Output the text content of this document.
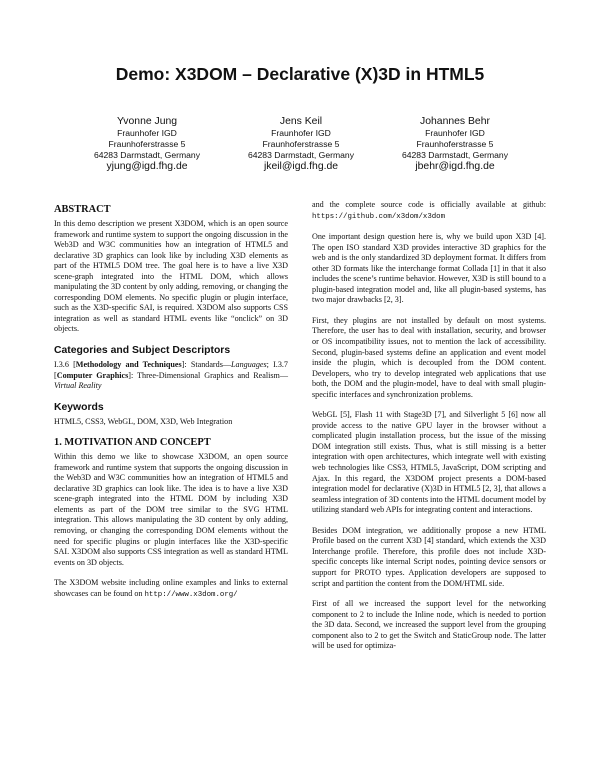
Demo: X3DOM – Declarative (X)3D in HTML5
Yvonne Jung
Fraunhofer IGD
Fraunhoferstrasse 5
64283 Darmstadt, Germany
yjung@igd.fhg.de
Jens Keil
Fraunhofer IGD
Fraunhoferstrasse 5
64283 Darmstadt, Germany
jkeil@igd.fhg.de
Johannes Behr
Fraunhofer IGD
Fraunhoferstrasse 5
64283 Darmstadt, Germany
jbehr@igd.fhg.de
ABSTRACT

In this demo description we present X3DOM, which is an open source framework and runtime system to support the ongoing discussion in the Web3D and W3C communities how an integration of HTML5 and declarative 3D graphics can look like by including X3D elements as part of the HTML5 DOM tree. The goal here is to have a live X3D scene-graph integrated into the HTML DOM, which allows manipulating the 3D content by only adding, removing, or changing the corresponding DOM elements. No specific plugin or plugin interface, such as the X3D-specific SAI, is required. X3DOM also supports CSS integration as well as standard HTML events like “onclick” on 3D objects.

Categories and Subject Descriptors

I.3.6 [Methodology and Techniques]: Standards—Languages; I.3.7 [Computer Graphics]: Three-Dimensional Graphics and Realism—Virtual Reality

Keywords

HTML5, CSS3, WebGL, DOM, X3D, Web Integration

1. MOTIVATION AND CONCEPT

Within this demo we like to showcase X3DOM, an open source framework and runtime system that supports the ongoing discussion in the Web3D and W3C communities how an integration of HTML5 and declarative 3D graphics can look like. The idea is to have a live X3D scene-graph integrated into the HTML DOM by including X3D elements as part of the DOM tree similar to the SVG HTML integration. This allows manipulating the 3D content by only adding, removing, or changing the corresponding DOM elements without the need for specific plugins or plugin interfaces like the X3D-specific SAI. X3DOM also supports CSS integration as well as standard HTML events on 3D objects.

The X3DOM website including online examples and links to external showcases can be found on http://www.x3dom.org/

and the complete source code is officially available at github: https://github.com/x3dom/x3dom

One important design question here is, why we build upon X3D [4]. The open ISO standard X3D provides interactive 3D graphics for the web and is the only standardized 3D deployment format. It differs from other 3D formats like the interchange format Collada [1] in that it also includes the scene’s runtime behavior. However, X3D is still bound to a plugin-based integration model and, like all plugin-based systems, has two major drawbacks [2, 3].

First, they plugins are not installed by default on most systems. Therefore, the user has to deal with installation, security, and browser or OS incompatibility issues, not to mention the lack of accessibility. Second, plugin-based systems define an application and event model inside the plugin, which is decoupled from the DOM content. Developers, who try to develop integrated web applications that use both, the DOM and the plugin-model, have to deal with small plugin-specific interfaces and synchronization problems.

WebGL [5], Flash 11 with Stage3D [7], and Silverlight 5 [6] now all provide access to the native GPU layer in the browser without a complicated plugin installation process, but the issue of the missing DOM integration still exists. Thus, what is still missing is a better integration with open architectures, which integrate well with existing web technologies like CSS3, HTML5, JavaScript, DOM scripting and Ajax. In this regard, the X3DOM project presents a DOM-based integration model for declarative (X)3D in HTML5 [2, 3], that allows a seamless integration of 3D contents into the HTML document model by utilizing standard web APIs for integrating content and interactions.

Besides DOM integration, we additionally propose a new HTML Profile based on the current X3D [4] standard, which extends the X3D Interchange profile. Therefore, this profile does not include X3D-specific concepts like internal Script nodes, pointing device sensors or support for PROTO types. Application developers are supposed to script and partition the content from the DOM/HTML side.

First of all we increased the support level for the networking component to 2 to include the Inline node, which is needed to portion the 3D data. Second, we increased the support level from the grouping component also to 2 to get the Switch and StaticGroup node. The latter will be used for optimiza-
